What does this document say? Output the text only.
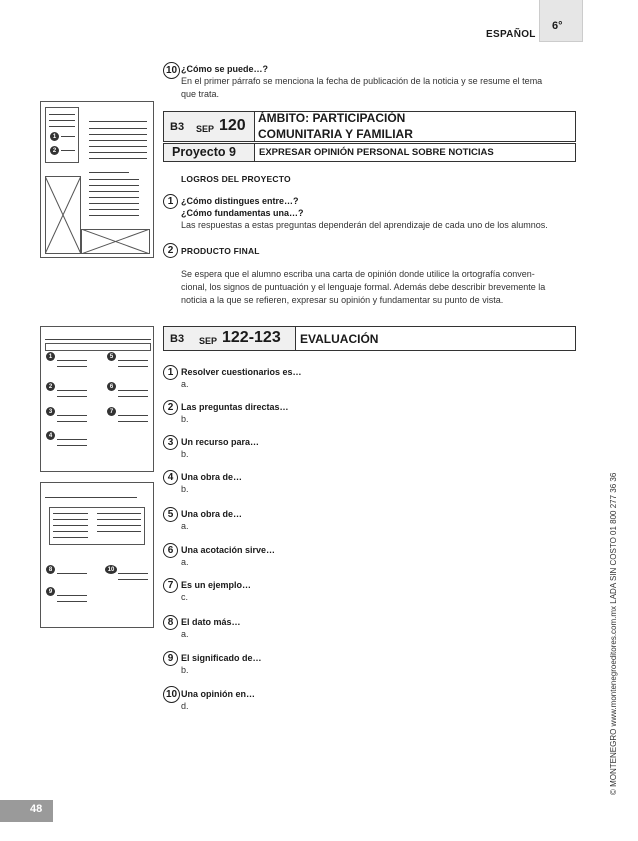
ESPAÑOL
6°
10 ¿Cómo se puede…?
En el primer párrafo se menciona la fecha de publicación de la noticia y se resume el tema
que trata.
B3 SEP 120 ÁMBITO: PARTICIPACIÓN
COMUNITARIA Y FAMILIAR
Proyecto 9 EXPRESAR OPINIÓN PERSONAL SOBRE NOTICIAS
LOGROS DEL PROYECTO
1 ¿Cómo distingues entre…?
¿Cómo fundamentas una…?
Las respuestas a estas preguntas dependerán del aprendizaje de cada uno de los alumnos.
2 PRODUCTO FINAL
Se espera que el alumno escriba una carta de opinión donde utilice la ortografía conven-
cional, los signos de puntuación y el lenguaje formal. Además debe describir brevemente la
noticia a la que se refieren, expresar su opinión y fundamentar su punto de vista.
B3 SEP 122-123 EVALUACIÓN
1 Resolver cuestionarios es…
a.
2 Las preguntas directas…
b.
3 Un recurso para…
b.
4 Una obra de…
b.
5 Una obra de…
a.
6 Una acotación sirve…
a.
7 Es un ejemplo…
c.
8 El dato más…
a.
9 El significado de…
b.
10 Una opinión en…
d.
1
2
1	5
2	6
3	7
4
8	10
9	© MONTENEGRO www.montenegroeditores.com.mx LADA SIN COSTO 01 800 277 36 36
48
